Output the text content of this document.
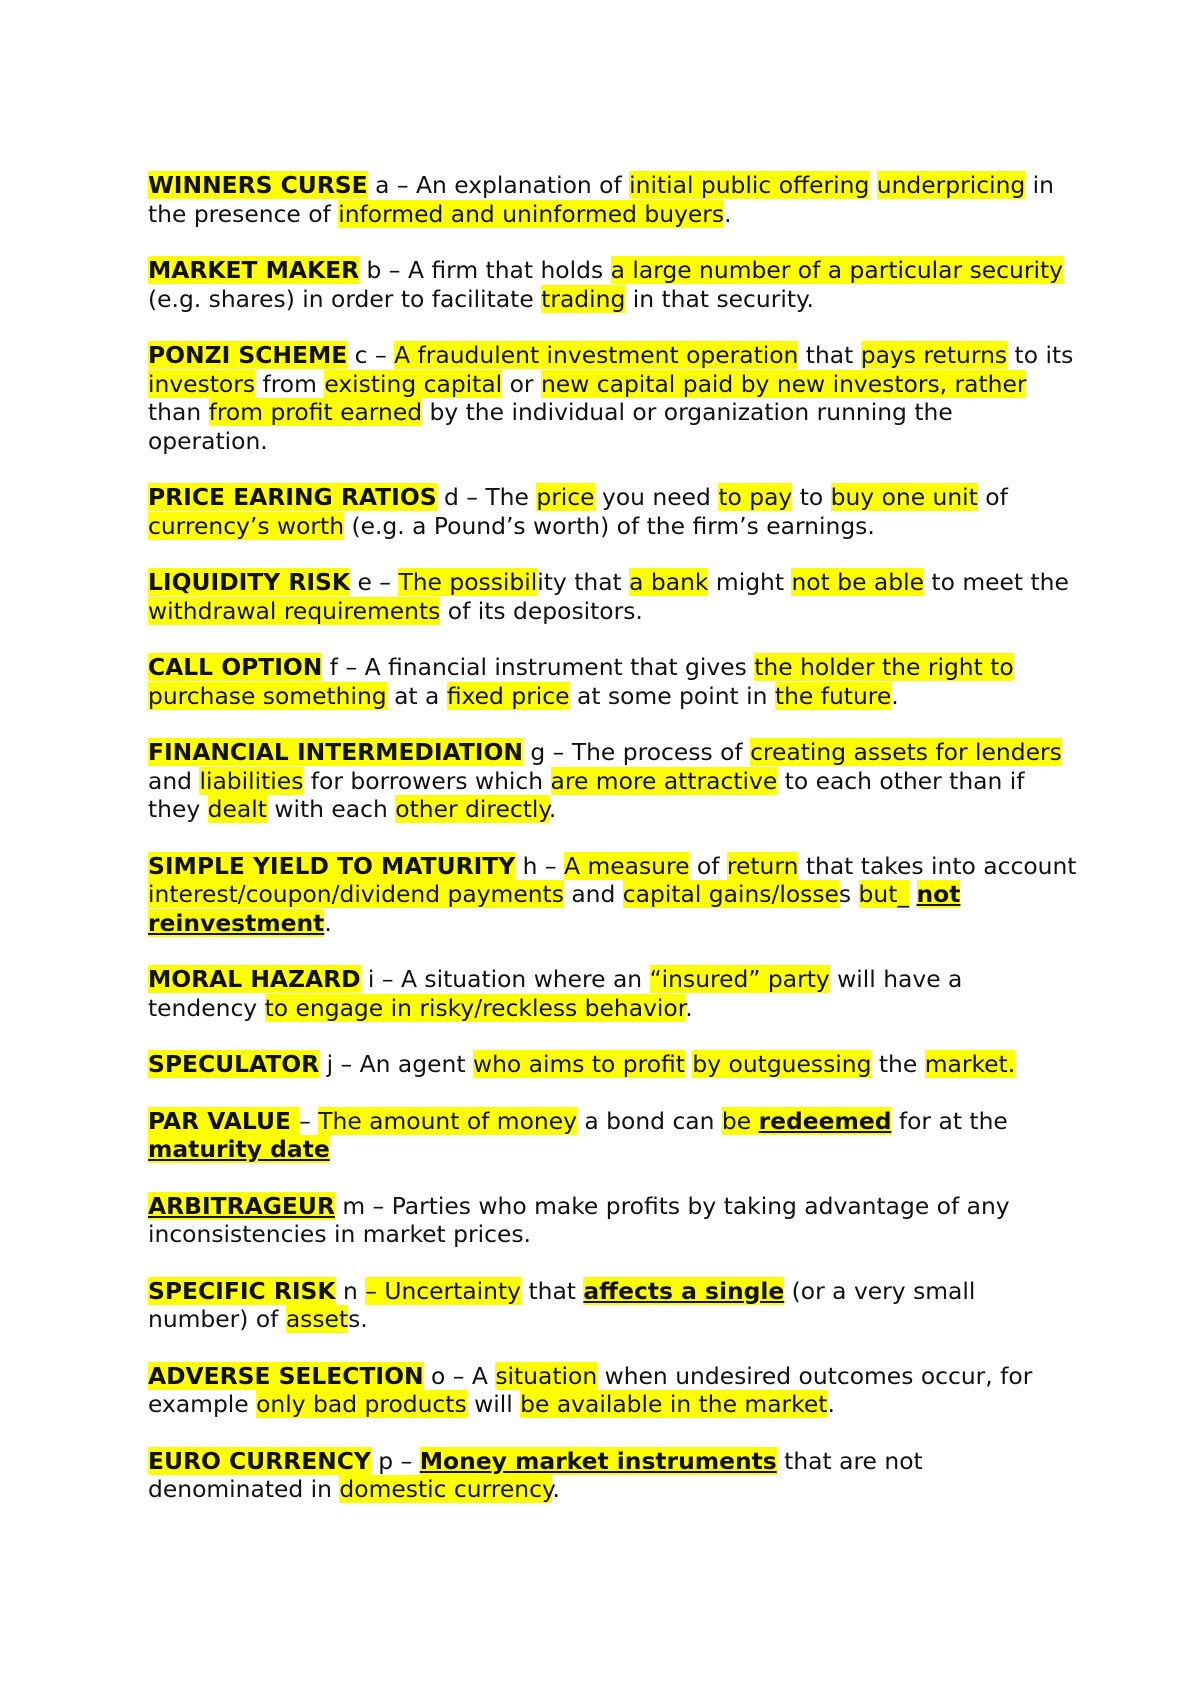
WINNERS CURSE a – An explanation of initial public offering underpricing in the presence of informed and uninformed buyers.

MARKET MAKER b – A firm that holds a large number of a particular security (e.g. shares) in order to facilitate trading in that security.

PONZI SCHEME c – A fraudulent investment operation that pays returns to its investors from existing capital or new capital paid by new investors, rather than from profit earned by the individual or organization running the operation.

PRICE EARING RATIOS d – The price you need to pay to buy one unit of currency’s worth (e.g. a Pound’s worth) of the firm’s earnings.

LIQUIDITY RISK e – The possibility that a bank might not be able to meet the withdrawal requirements of its depositors.

CALL OPTION f – A financial instrument that gives the holder the right to purchase something at a fixed price at some point in the future.

FINANCIAL INTERMEDIATION g – The process of creating assets for lenders and liabilities for borrowers which are more attractive to each other than if they dealt with each other directly.

SIMPLE YIELD TO MATURITY h – A measure of return that takes into account interest/coupon/dividend payments and capital gains/losses but_ not reinvestment.

MORAL HAZARD i – A situation where an “insured” party will have a tendency to engage in risky/reckless behavior.

SPECULATOR j – An agent who aims to profit by outguessing the market.

PAR VALUE – The amount of money a bond can be redeemed for at the maturity date

ARBITRAGEUR m – Parties who make profits by taking advantage of any inconsistencies in market prices.

SPECIFIC RISK n – Uncertainty that affects a single (or a very small number) of assets.

ADVERSE SELECTION o – A situation when undesired outcomes occur, for example only bad products will be available in the market.

EURO CURRENCY p – Money market instruments that are not denominated in domestic currency.
